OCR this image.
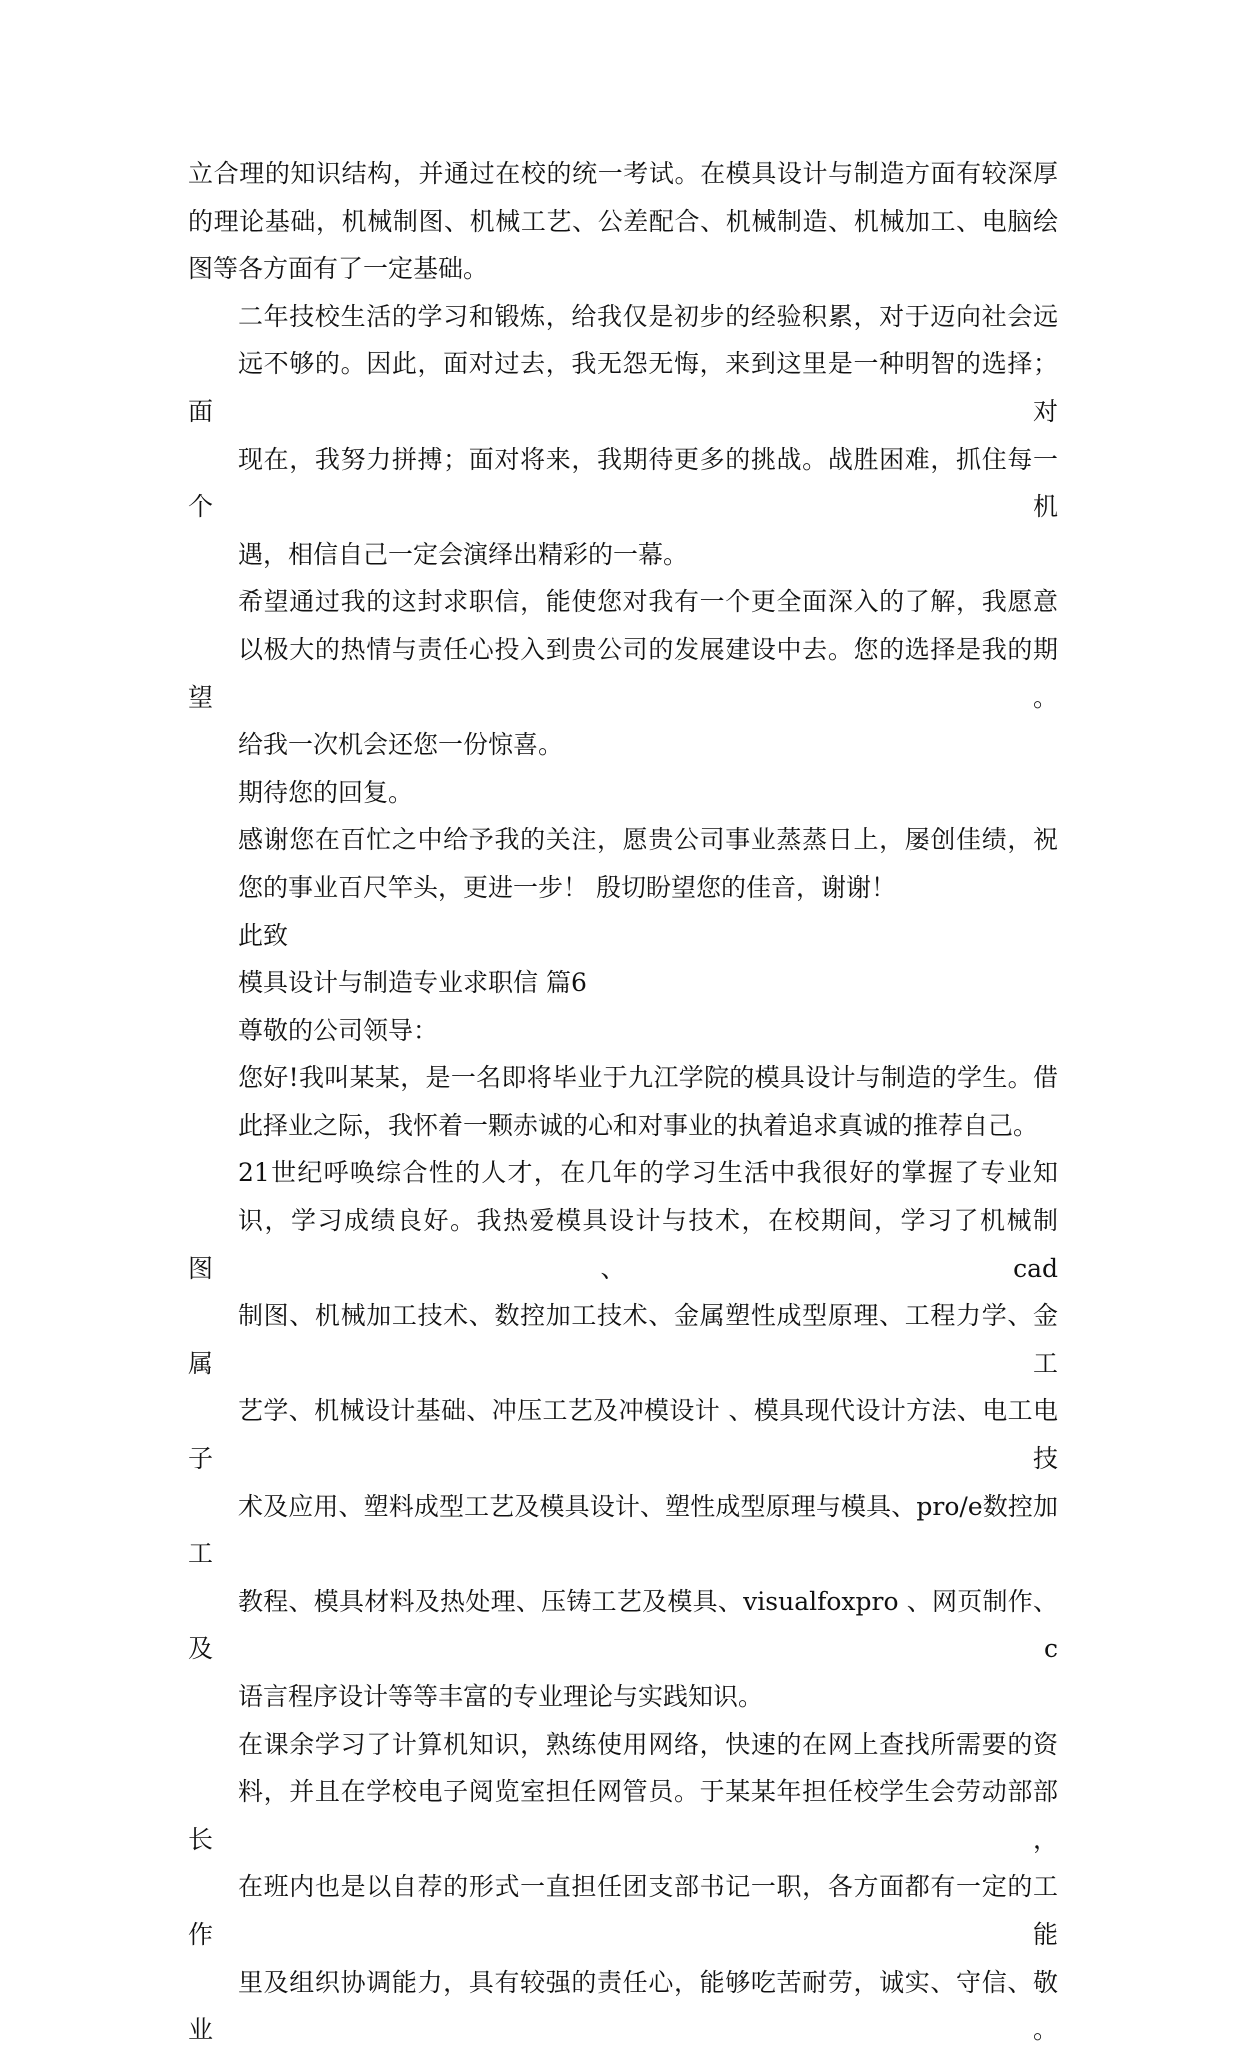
立合理的知识结构，并通过在校的统一考试。在模具设计与制造方面有较深厚
的理论基础，机械制图、机械工艺、公差配合、机械制造、机械加工、电脑绘
图等各方面有了一定基础。

二年技校生活的学习和锻炼，给我仅是初步的经验积累，对于迈向社会远
远不够的。因此，面对过去，我无怨无悔，来到这里是一种明智的选择；面对
现在，我努力拼搏；面对将来，我期待更多的挑战。战胜困难，抓住每一个机
遇，相信自己一定会演绎出精彩的一幕。

希望通过我的这封求职信，能使您对我有一个更全面深入的了解，我愿意
以极大的热情与责任心投入到贵公司的发展建设中去。您的选择是我的期望。
给我一次机会还您一份惊喜。

期待您的回复。

感谢您在百忙之中给予我的关注，愿贵公司事业蒸蒸日上，屡创佳绩，祝
您的事业百尺竿头，更进一步！ 殷切盼望您的佳音，谢谢！

此致

模具设计与制造专业求职信 篇6

尊敬的公司领导：

您好!我叫某某，是一名即将毕业于九江学院的模具设计与制造的学生。借
此择业之际，我怀着一颗赤诚的心和对事业的执着追求真诚的推荐自己。

21世纪呼唤综合性的人才，在几年的学习生活中我很好的掌握了专业知
识，学习成绩良好。我热爱模具设计与技术，在校期间，学习了机械制图、cad
制图、机械加工技术、数控加工技术、金属塑性成型原理、工程力学、金属工
艺学、机械设计基础、冲压工艺及冲模设计 、模具现代设计方法、电工电子技
术及应用、塑料成型工艺及模具设计、塑性成型原理与模具、pro/e数控加工
教程、模具材料及热处理、压铸工艺及模具、visualfoxpro 、网页制作、及c
语言程序设计等等丰富的专业理论与实践知识。

在课余学习了计算机知识，熟练使用网络，快速的在网上查找所需要的资
料，并且在学校电子阅览室担任网管员。于某某年担任校学生会劳动部部长，
在班内也是以自荐的形式一直担任团支部书记一职，各方面都有一定的工作能
里及组织协调能力，具有较强的责任心，能够吃苦耐劳，诚实、守信、敬业。
